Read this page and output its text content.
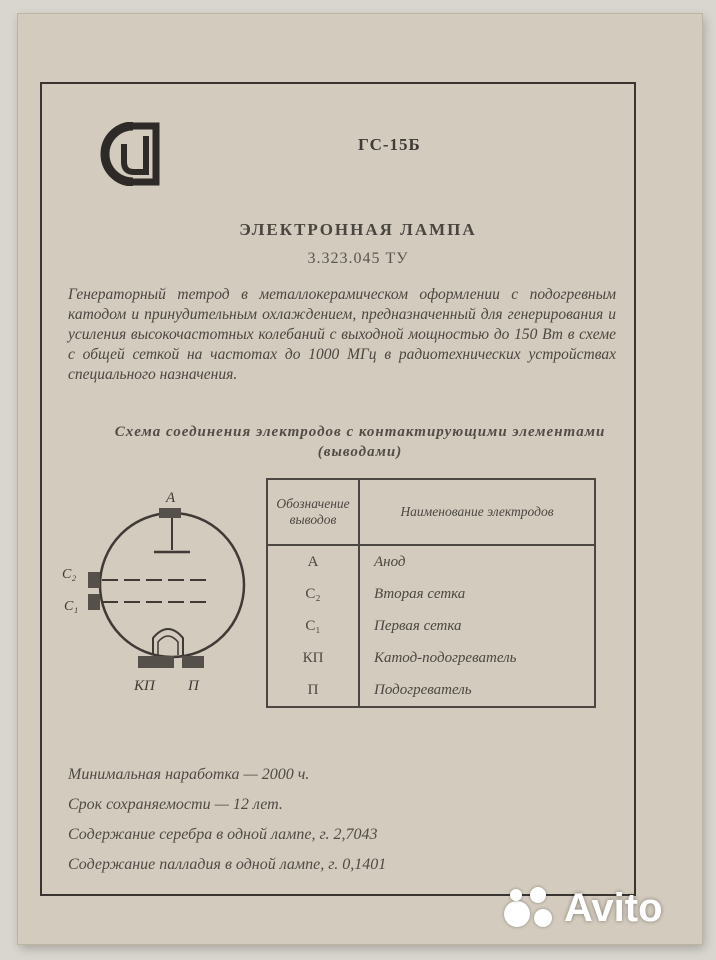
ГС-15Б
ЭЛЕКТРОННАЯ ЛАМПА
3.323.045 ТУ
Генераторный тетрод в металлокерамическом оформлении с подогревным катодом и принудительным охлаждением, предназначенный для генерирования и усиления высокочастотных колебаний с выходной мощностью до 150 Вт в схеме с общей сеткой на частотах до 1000 МГц в радиотехнических устройствах специального назначения.
Схема соединения электродов с контактирующими элементами (выводами)
А
С₂
С₁
КП П
Обозначение выводов	Наименование электродов
А	Анод
С₂	Вторая сетка
С₁	Первая сетка
КП	Катод-подогреватель
П	Подогреватель
Минимальная наработка — 2000 ч.
Срок сохраняемости — 12 лет.
Содержание серебра в одной лампе, г. 2,7043
Содержание палладия в одной лампе, г. 0,1401
Avito
